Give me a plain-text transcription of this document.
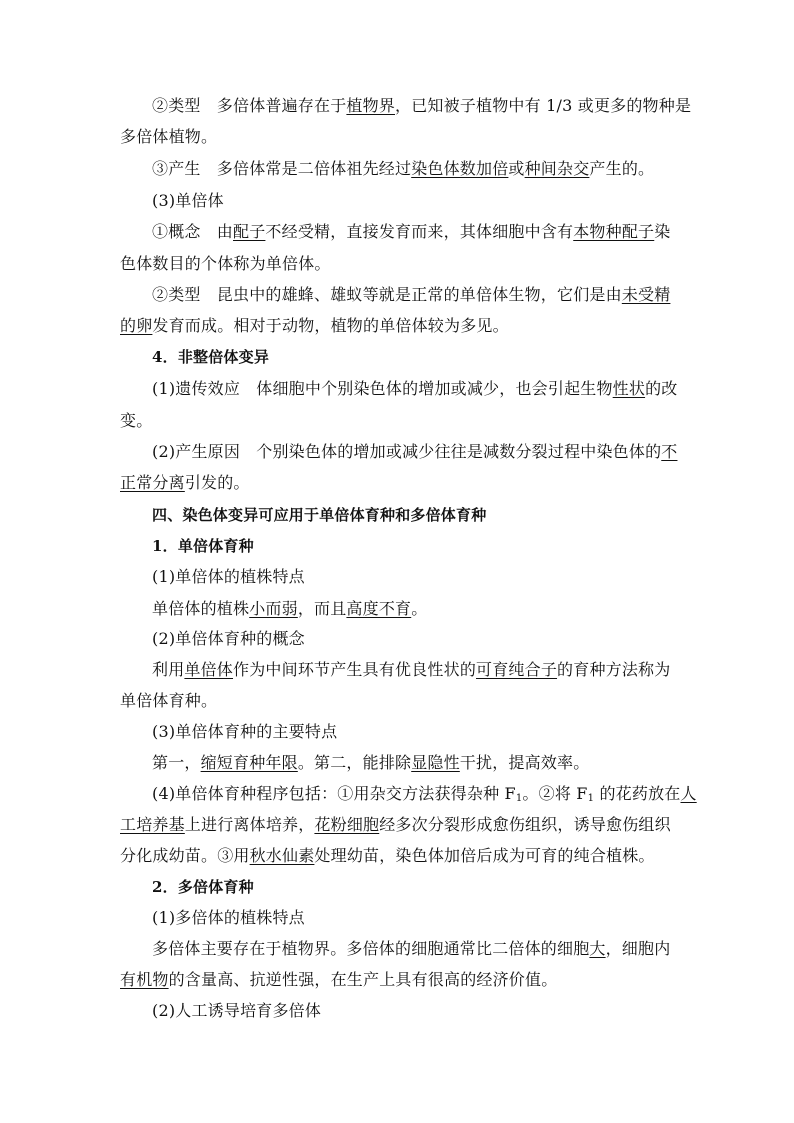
②类型　多倍体普遍存在于植物界，已知被子植物中有 1/3 或更多的物种是
多倍体植物。
③产生　多倍体常是二倍体祖先经过染色体数加倍或种间杂交产生的。
(3)单倍体
①概念　由配子不经受精，直接发育而来，其体细胞中含有本物种配子染
色体数目的个体称为单倍体。
②类型　昆虫中的雄蜂、雄蚁等就是正常的单倍体生物，它们是由未受精
的卵发育而成。相对于动物，植物的单倍体较为多见。
4．非整倍体变异
(1)遗传效应　体细胞中个别染色体的增加或减少，也会引起生物性状的改
变。
(2)产生原因　个别染色体的增加或减少往往是减数分裂过程中染色体的不
正常分离引发的。
四、染色体变异可应用于单倍体育种和多倍体育种
1．单倍体育种
(1)单倍体的植株特点
单倍体的植株小而弱，而且高度不育。
(2)单倍体育种的概念
利用单倍体作为中间环节产生具有优良性状的可育纯合子的育种方法称为
单倍体育种。
(3)单倍体育种的主要特点
第一，缩短育种年限。第二，能排除显隐性干扰，提高效率。
(4)单倍体育种程序包括：①用杂交方法获得杂种 $F_1$。②将 $F_1$ 的花药放在人
工培养基上进行离体培养，花粉细胞经多次分裂形成愈伤组织，诱导愈伤组织
分化成幼苗。③用秋水仙素处理幼苗，染色体加倍后成为可育的纯合植株。
2．多倍体育种
(1)多倍体的植株特点
多倍体主要存在于植物界。多倍体的细胞通常比二倍体的细胞大，细胞内
有机物的含量高、抗逆性强，在生产上具有很高的经济价值。
(2)人工诱导培育多倍体
